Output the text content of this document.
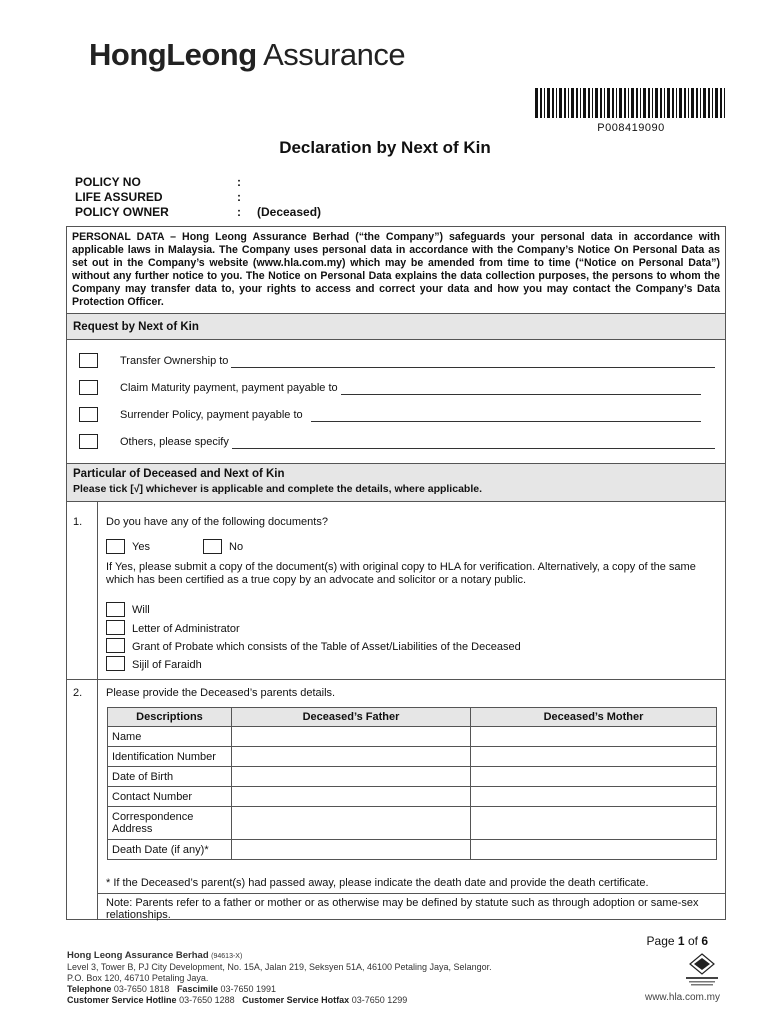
HongLeong Assurance
P008419090
Declaration by Next of Kin
POLICY NO	:
LIFE ASSURED	:
POLICY OWNER	:	(Deceased)
PERSONAL DATA – Hong Leong Assurance Berhad (“the Company”) safeguards your personal data in accordance with applicable laws in Malaysia. The Company uses personal data in accordance with the Company’s Notice On Personal Data as set out in the Company’s website (www.hla.com.my) which may be amended from time to time (“Notice on Personal Data”) without any further notice to you. The Notice on Personal Data explains the data collection purposes, the persons to whom the Company may transfer data to, your rights to access and correct your data and how you may contact the Company’s Data Protection Officer.
Request by Next of Kin
Transfer Ownership to
Claim Maturity payment, payment payable to
Surrender Policy, payment payable to
Others, please specify
Particular of Deceased and Next of Kin
Please tick [√] whichever is applicable and complete the details, where applicable.
1. Do you have any of the following documents?
Yes	No
If Yes, please submit a copy of the document(s) with original copy to HLA for verification. Alternatively, a copy of the same which has been certified as a true copy by an advocate and solicitor or a notary public.
Will
Letter of Administrator
Grant of Probate which consists of the Table of Asset/Liabilities of the Deceased
Sijil of Faraidh
2. Please provide the Deceased’s parents details.
Descriptions	Deceased’s Father	Deceased’s Mother
Name		
Identification Number		
Date of Birth		
Contact Number		
Correspondence Address		
Death Date (if any)*		
* If the Deceased’s parent(s) had passed away, please indicate the death date and provide the death certificate.
Note: Parents refer to a father or mother or as otherwise may be defined by statute such as through adoption or same-sex relationships.
Page 1 of 6
Hong Leong Assurance Berhad (94613-X)
Level 3, Tower B, PJ City Development, No. 15A, Jalan 219, Seksyen 51A, 46100 Petaling Jaya, Selangor.
P.O. Box 120, 46710 Petaling Jaya.
Telephone 03-7650 1818 Fascimile 03-7650 1991
Customer Service Hotline 03-7650 1288 Customer Service Hotfax 03-7650 1299	www.hla.com.my
